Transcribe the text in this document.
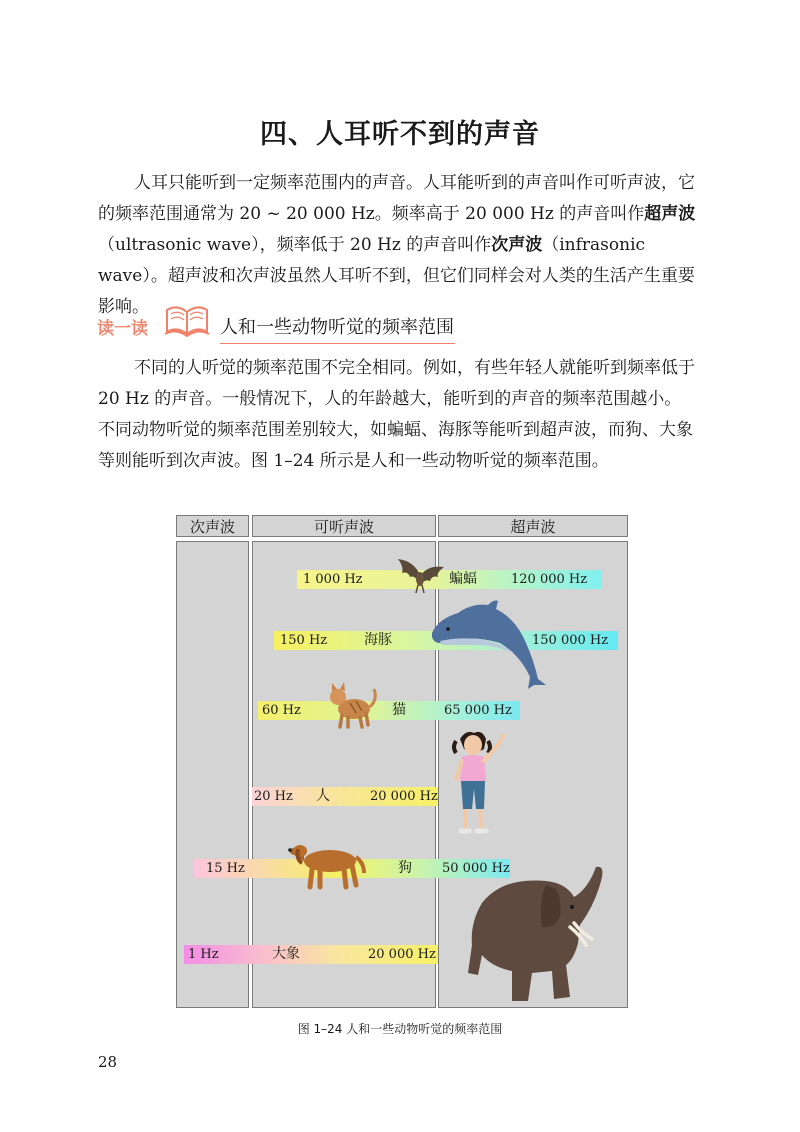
四、人耳听不到的声音
人耳只能听到一定频率范围内的声音。人耳能听到的声音叫作可听声波，它的频率范围通常为 20 ~ 20 000 Hz。频率高于 20 000 Hz 的声音叫作超声波（ultrasonic wave），频率低于 20 Hz 的声音叫作次声波（infrasonic wave）。超声波和次声波虽然人耳听不到，但它们同样会对人类的生活产生重要影响。
读一读	人和一些动物听觉的频率范围
不同的人听觉的频率范围不完全相同。例如，有些年轻人就能听到频率低于 20 Hz 的声音。一般情况下，人的年龄越大，能听到的声音的频率范围越小。不同动物听觉的频率范围差别较大，如蝙蝠、海豚等能听到超声波，而狗、大象等则能听到次声波。图 1–24 所示是人和一些动物听觉的频率范围。
次声波	可听声波	超声波
1 000 Hz	蝙蝠	120 000 Hz
150 Hz	海豚	150 000 Hz
60 Hz	猫	65 000 Hz
20 Hz 人	20 000 Hz
15 Hz	狗 50 000 Hz
1 Hz	大象	20 000 Hz
图 1–24 人和一些动物听觉的频率范围
28
